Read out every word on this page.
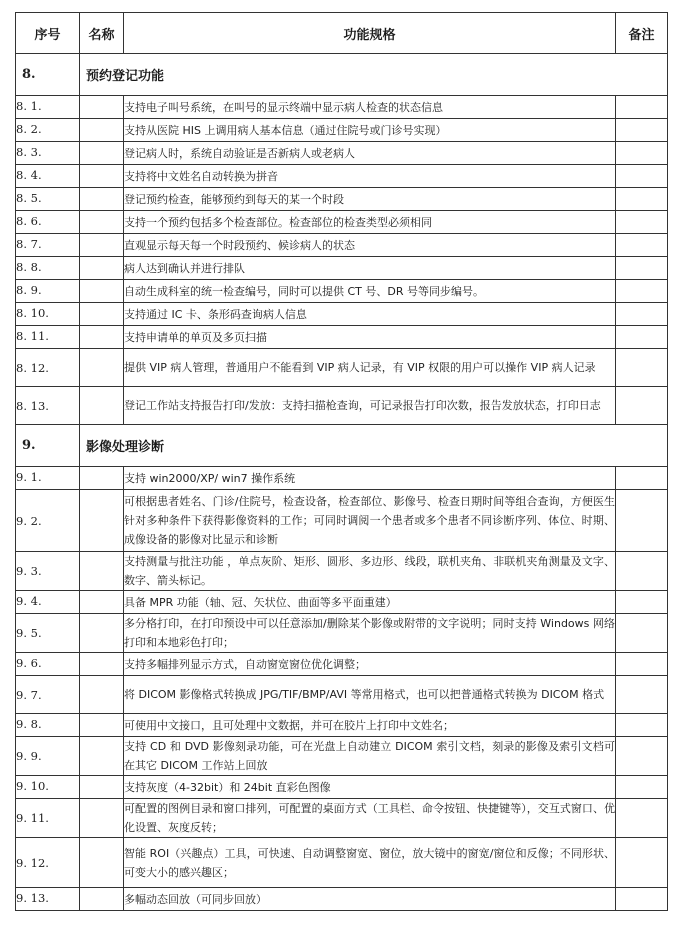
序号	名称	功能规格	备注
8.	预约登记功能		
8. 1.		支持电子叫号系统，在叫号的显示终端中显示病人检查的状态信息	
8. 2.		支持从医院 HIS 上调用病人基本信息（通过住院号或门诊号实现）	
8. 3.		登记病人时，系统自动验证是否新病人或老病人	
8. 4.		支持将中文姓名自动转换为拼音	
8. 5.		登记预约检查，能够预约到每天的某一个时段	
8. 6.		支持一个预约包括多个检查部位。检查部位的检查类型必须相同	
8. 7.		直观显示每天每一个时段预约、候诊病人的状态	
8. 8.		病人达到确认并进行排队	
8. 9.		自动生成科室的统一检查编号，同时可以提供 CT 号、DR 号等同步编号。	
8. 10.		支持通过 IC 卡、条形码查询病人信息	
8. 11.		支持申请单的单页及多页扫描	
8. 12.		提供 VIP 病人管理，普通用户不能看到 VIP 病人记录，有 VIP 权限的用户可以操作 VIP 病人记录	
8. 13.		登记工作站支持报告打印/发放：支持扫描枪查询，可记录报告打印次数，报告发放状态，打印日志	
9.	影像处理诊断		
9. 1.		支持 win2000/XP/ win7 操作系统	
9. 2.		可根据患者姓名、门诊/住院号，检查设备，检查部位、影像号、检查日期时间等组合查询，方便医生针对多种条件下获得影像资料的工作；可同时调阅一个患者或多个患者不同诊断序列、体位、时期、成像设备的影像对比显示和诊断	
9. 3.		支持测量与批注功能 ，单点灰阶、矩形、圆形、多边形、线段，联机夹角、非联机夹角测量及文字、数字、箭头标记。	
9. 4.		具备 MPR 功能（轴、冠、矢状位、曲面等多平面重建）	
9. 5.		多分格打印，在打印预设中可以任意添加/删除某个影像或附带的文字说明；同时支持 Windows 网络打印和本地彩色打印；	
9. 6.		支持多幅排列显示方式，自动窗宽窗位优化调整；	
9. 7.		将 DICOM 影像格式转换成 JPG/TIF/BMP/AVI 等常用格式，也可以把普通格式转换为 DICOM 格式	
9. 8.		可使用中文接口，且可处理中文数据，并可在胶片上打印中文姓名；	
9. 9.		支持 CD 和 DVD 影像刻录功能，可在光盘上自动建立 DICOM 索引文档，刻录的影像及索引文档可在其它 DICOM 工作站上回放	
9. 10.		支持灰度（4-32bit）和 24bit 直彩色图像	
9. 11.		可配置的图例目录和窗口排列，可配置的桌面方式（工具栏、命令按钮、快捷键等），交互式窗口、优化设置、灰度反转；	
9. 12.		智能 ROI（兴趣点）工具，可快速、自动调整窗宽、窗位，放大镜中的窗宽/窗位和反像；不同形状、可变大小的感兴趣区；	
9. 13.		多幅动态回放（可同步回放）	
